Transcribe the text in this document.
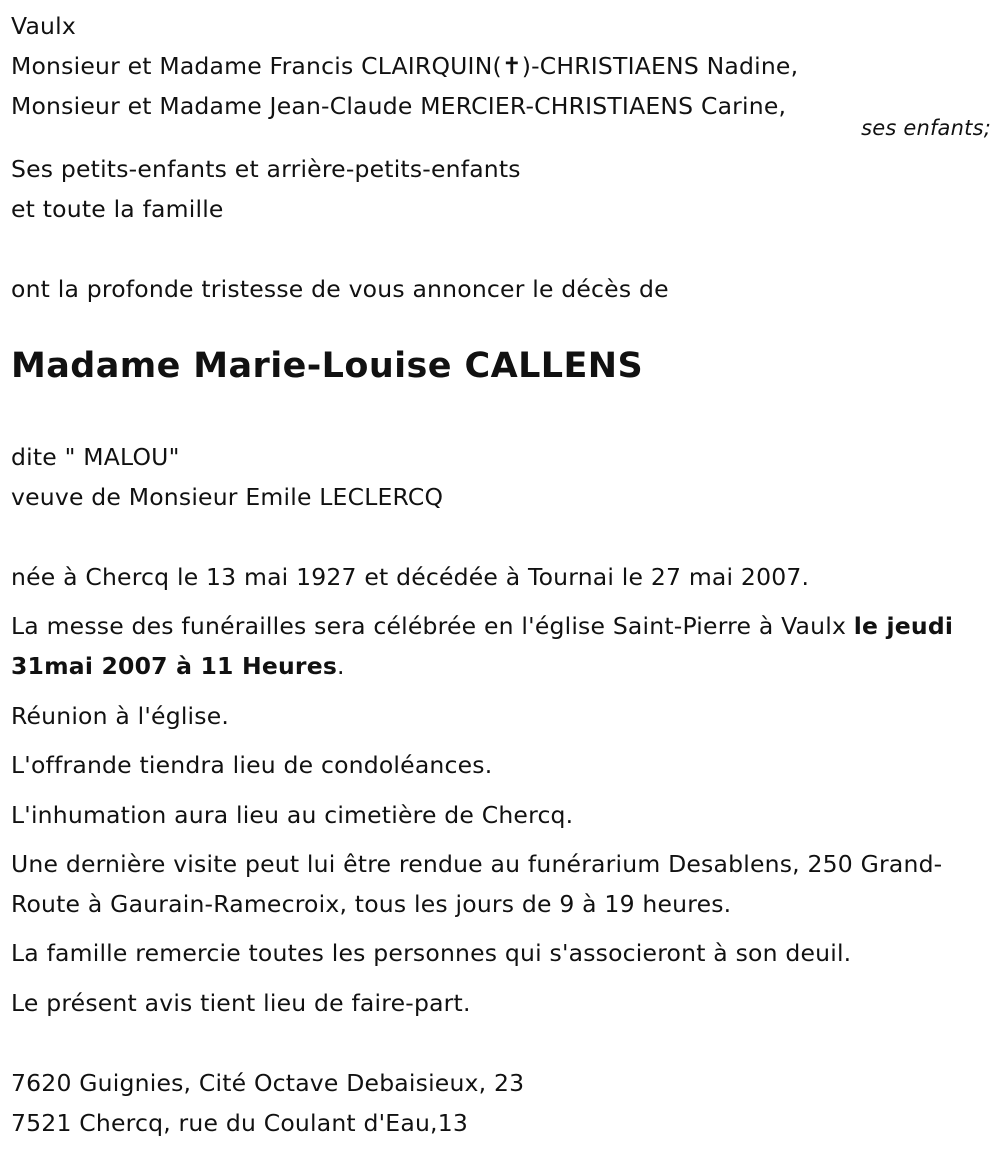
Vaulx
Monsieur et Madame Francis CLAIRQUIN(✝)-CHRISTIAENS Nadine,
Monsieur et Madame Jean-Claude MERCIER-CHRISTIAENS Carine,
ses enfants;
Ses petits-enfants et arrière-petits-enfants
et toute la famille
ont la profonde tristesse de vous annoncer le décès de
Madame Marie-Louise CALLENS
dite " MALOU"
veuve de Monsieur Emile LECLERCQ
née à Chercq le 13 mai 1927 et décédée à Tournai le 27 mai 2007.
La messe des funérailles sera célébrée en l'église Saint-Pierre à Vaulx le jeudi 31mai 2007 à 11 Heures.
Réunion à l'église.
L'offrande tiendra lieu de condoléances.
L'inhumation aura lieu au cimetière de Chercq.
Une dernière visite peut lui être rendue au funérarium Desablens, 250 Grand-Route à Gaurain-Ramecroix, tous les jours de 9 à 19 heures.
La famille remercie toutes les personnes qui s'associeront à son deuil.
Le présent avis tient lieu de faire-part.
7620 Guignies, Cité Octave Debaisieux, 23
7521 Chercq, rue du Coulant d'Eau,13
